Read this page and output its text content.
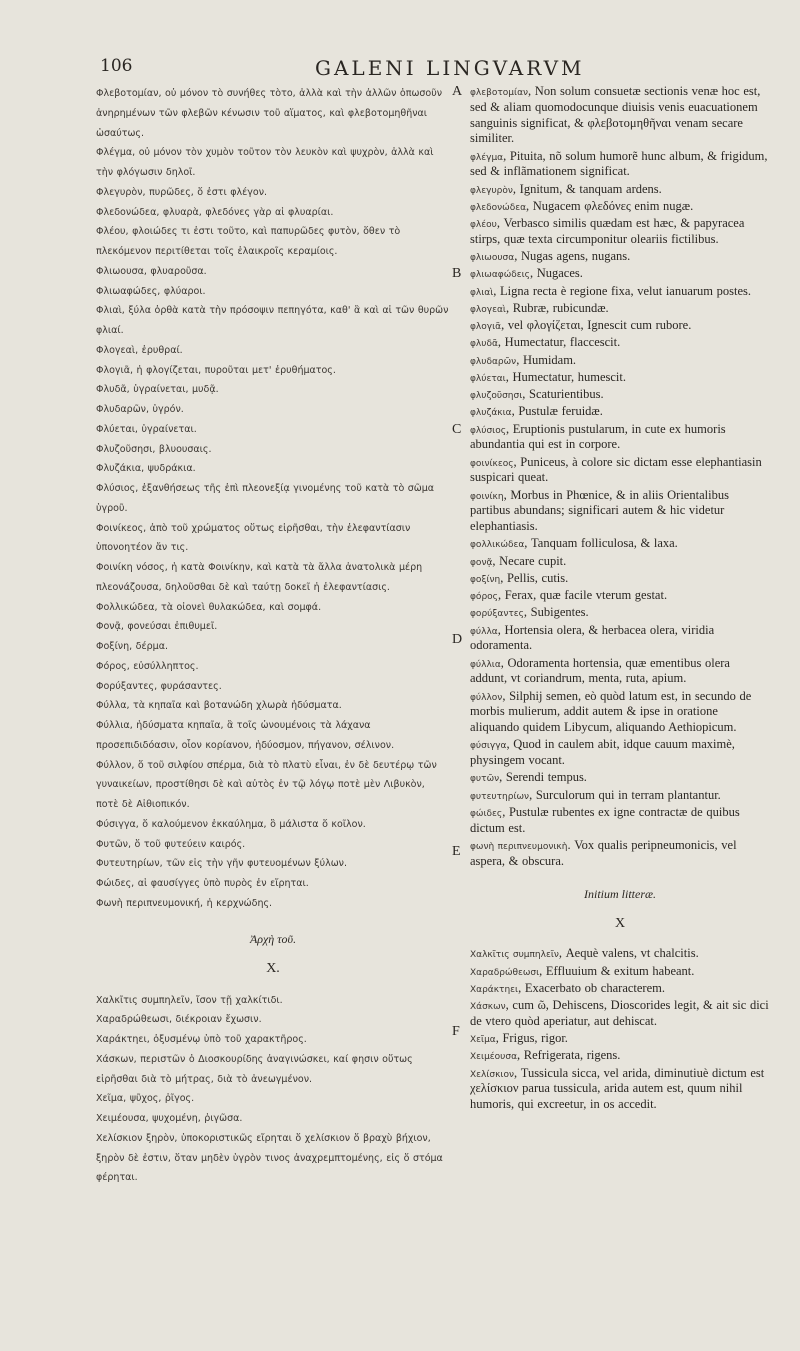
106	GALENI LINGVARVM
A
B
C
D
E
F

Φλεβοτομίαν, οὐ μόνον τὸ συνήθες τὸτο, ἀλλὰ καὶ τὴν ἀλλῶν ὁπωσοῦν ἀνηρημένων τῶν φλεβῶν κένωσιν τοῦ αἵματος, καὶ φλεβοτομηθῆναι ὡσαύτως.

Φλέγμα, οὐ μόνον τὸν χυμὸν τοῦτον τὸν λευκὸν καὶ ψυχρὸν, ἀλλὰ καὶ τὴν φλόγωσιν δηλοῖ.

Φλεγυρὸν, πυρῶδες, ὅ ἐστι φλέγον.

Φλεδονώδεα, φλυαρὰ, φλεδόνες γὰρ αἱ φλυαρίαι.

Φλέου, φλοιώδες τι ἐστι τοῦτο, καὶ παπυρῶδες φυτὸν, ὅθεν τὸ πλεκόμενον περιτίθεται τοῖς ἐλαικροῖς κεραμίοις.

Φλιωουσα, φλυαροῦσα.

Φλιωαφώδες, φλύαροι.

Φλιαὶ, ξύλα ὀρθὰ κατὰ τὴν πρόσοψιν πεπηγότα, καθ' ἃ καὶ αἱ τῶν θυρῶν φλιαί.

Φλογεαὶ, ἐρυθραί.

Φλογιᾶ, ἡ φλογίζεται, πυροῦται μετ' ἐρυθήματος.

Φλυδᾶ, ὑγραίνεται, μυδᾷ.

Φλυδαρῶν, ὑγρόν.

Φλύεται, ὑγραίνεται.

Φλυζοῦσησι, βλυουσαις.

Φλυζάκια, ψυδράκια.

Φλύσιος, ἐξανθήσεως τῆς ἐπὶ πλεονεξίᾳ γινομένης τοῦ κατὰ τὸ σῶμα ὑγροῦ.

Φοινίκεος, ἀπὸ τοῦ χρώματος οὕτως εἰρῆσθαι, τὴν ἐλεφαντίασιν ὑπονοητέον ἄν τις.

Φοινίκη νόσος, ἡ κατὰ Φοινίκην, καὶ κατὰ τὰ ἄλλα ἀνατολικὰ μέρη πλεονάζουσα, δηλοῦσθαι δὲ καὶ ταύτῃ δοκεῖ ἡ ἐλεφαντίασις.

Φολλικώδεα, τὰ οἱονεὶ θυλακώδεα, καὶ σομφά.

Φονᾷ, φονεύσαι ἐπιθυμεῖ.

Φοξίνη, δέρμα.

Φόρος, εὐσύλληπτος.

Φορύξαντες, φυράσαντες.

Φύλλα, τὰ κηπαῖα καὶ βοτανώδη χλωρὰ ἡδύσματα.

Φύλλια, ἡδύσματα κηπαῖα, ἃ τοῖς ὠνουμένοις τὰ λάχανα προσεπιδιδόασιν, οἷον κορίανον, ἡδύοσμον, πήγανον, σέλινον.

Φύλλον, ὅ τοῦ σιλφίου σπέρμα, διὰ τὸ πλατὺ εἶναι, ἐν δὲ δευτέρῳ τῶν γυναικείων, προστίθησι δὲ καὶ αὐτὸς ἐν τῷ λόγῳ ποτὲ μὲν Λιβυκὸν, ποτὲ δὲ Αἰθιοπικόν.

Φύσιγγα, ὅ καλούμενον ἐκκαύλημα, ὃ μάλιστα ὅ κοῖλον.

Φυτῶν, ὅ τοῦ φυτεύειν καιρός.

Φυτευτηρίων, τῶν εἰς τὴν γῆν φυτευομένων ξύλων.

Φώιδες, αἱ φαυσίγγες ὑπὸ πυρὸς ἐν εἴρηται.

Φωνὴ περιπνευμονική, ἡ κερχνώδης.

Ἀρχὴ τοῦ.
Χ.

Χαλκῖτις συμπηλεῖν, ἴσον τῇ χαλκίτιδι.

Χαραδρώθεωσι, διέκροιαν ἔχωσιν.

Χαράκτηει, ὀξυσμένῳ ὑπὸ τοῦ χαρακτῆρος.

Χάσκων, περιστῶν ὁ Διοσκουρίδης ἀναγινώσκει, καί φησιν οὕτως εἰρῆσθαι διὰ τὸ μήτρας, διὰ τὸ ἀνεωγμένον.

Χεῖμα, ψῦχος, ῥῖγος.

Χειμέουσα, ψυχομένη, ῥιγῶσα.

Χελίσκιον ξηρὸν, ὑποκοριστικῶς εἴρηται ὅ χελίσκιον ὅ βραχὺ βήχιον, ξηρὸν δὲ ἐστιν, ὅταν μηδὲν ὑγρὸν τινος ἀναχρεμπτομένης, εἰς ὅ στόμα φέρηται.

φλεβοτομίαν, Non solum consuetæ sectionis venæ hoc est, sed & aliam quomodocunque diuisis venis euacuationem sanguinis significat, & φλεβοτομηθῆναι venam secare similiter.

φλέγμα, Pituita, nõ solum humorẽ hunc album, & frigidum, sed & inflãmationem significat.

φλεγυρὸν, Ignitum, & tanquam ardens.

φλεδονώδεα, Nugacem φλεδόνες enim nugæ.

φλέου, Verbasco similis quædam est hæc, & papyracea stirps, quæ texta circumponitur oleariis fictilibus.

φλιωουσα, Nugas agens, nugans.

φλιωαφώδεις, Nugaces.

φλιαὶ, Ligna recta è regione fixa, velut ianuarum postes.

φλογεαὶ, Rubræ, rubicundæ.

φλογιᾶ, vel φλογίζεται, Ignescit cum rubore.

φλυδᾶ, Humectatur, flaccescit.

φλυδαρῶν, Humidam.

φλύεται, Humectatur, humescit.

φλυζοῦσησι, Scaturientibus.

φλυζάκια, Pustulæ feruidæ.

φλύσιος, Eruptionis pustularum, in cute ex humoris abundantia qui est in corpore.

φοινίκεος, Puniceus, à colore sic dictam esse elephantiasin suspicari queat.

φοινίκη, Morbus in Phœnice, & in aliis Orientalibus partibus abundans; significari autem & hic videtur elephantiasis.

φολλικώδεα, Tanquam folliculosa, & laxa.

φονᾷ, Necare cupit.

φοξίνη, Pellis, cutis.

φόρος, Ferax, quæ facile vterum gestat.

φορύξαντες, Subigentes.

φύλλα, Hortensia olera, & herbacea olera, viridia odoramenta.

φύλλια, Odoramenta hortensia, quæ ementibus olera addunt, vt coriandrum, menta, ruta, apium.

φύλλον, Silphij semen, eò quòd latum est, in secundo de morbis mulierum, addit autem & ipse in oratione aliquando quidem Libycum, aliquando Aethiopicum.

φύσιγγα, Quod in caulem abit, idque cauum maximè, physingem vocant.

φυτῶν, Serendi tempus.

φυτευτηρίων, Surculorum qui in terram plantantur.

φώιδες, Pustulæ rubentes ex igne contractæ de quibus dictum est.

φωνὴ περιπνευμονικὴ. Vox qualis peripneumonicis, vel aspera, & obscura.

Initium litteræ.
X

Χαλκῖτις συμπηλεῖν, Aequè valens, vt chalcitis.

Χαραδρώθεωσι, Effluuium & exitum habeant.

Χαράκτηει, Exacerbato ob characterem.

Χάσκων, cum ῶ, Dehiscens, Dioscorides legit, & ait sic dici de vtero quòd aperiatur, aut dehiscat.

Χεῖμα, Frigus, rigor.

Χειμέουσα, Refrigerata, rigens.

Χελίσκιον, Tussicula sicca, vel arida, diminutiuè dictum est χελίσκιον parua tussicula, arida autem est, quum nihil humoris, qui excreetur, in os accedit.
